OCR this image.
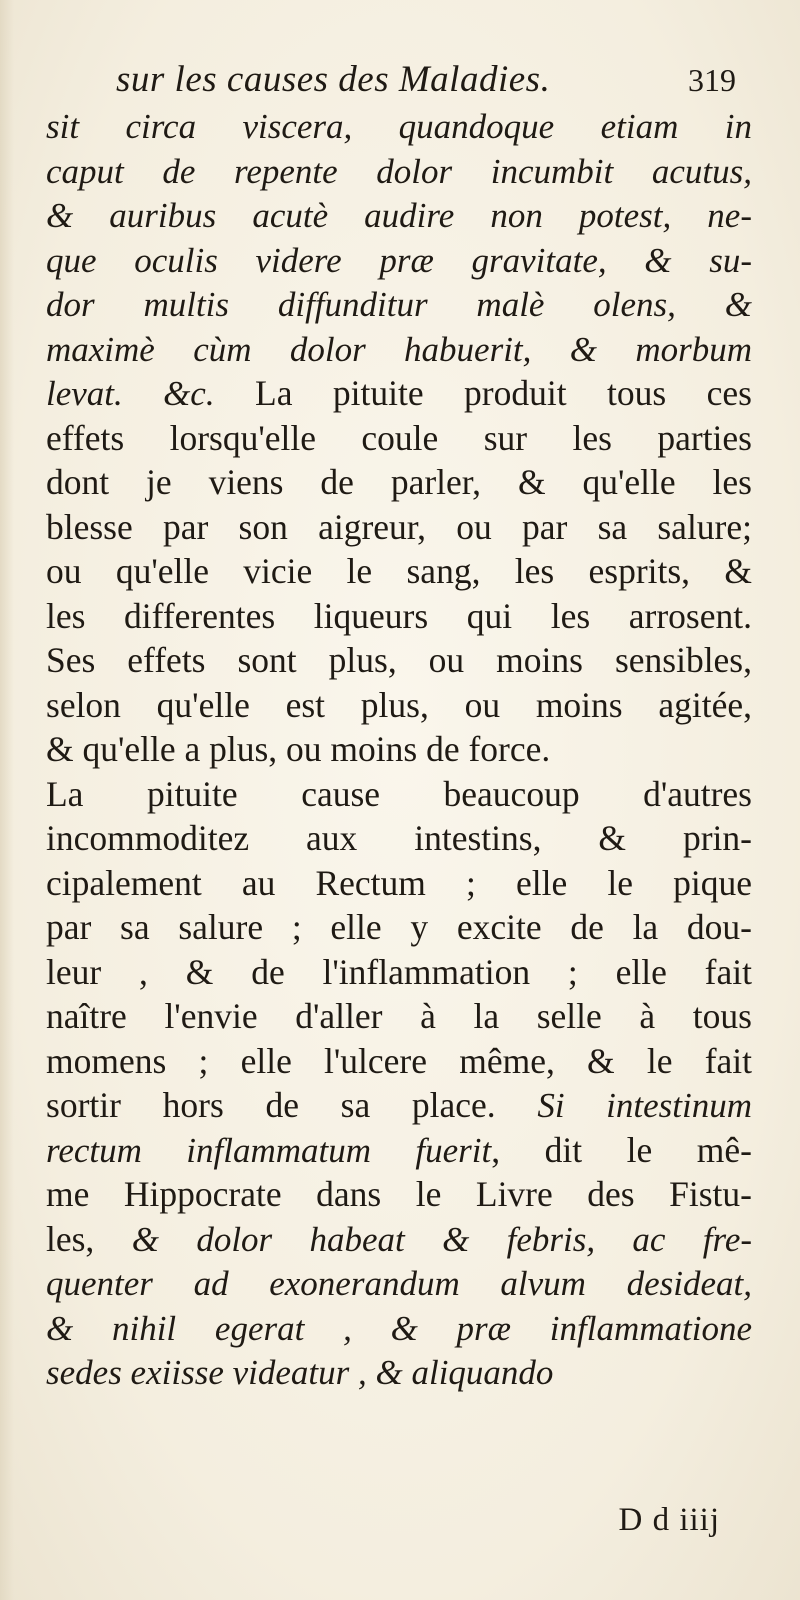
sur les causes des Maladies.	319
sit circa viscera, quandoque etiam in
caput de repente dolor incumbit acutus,
& auribus acutè audire non potest, ne-
que oculis videre præ gravitate, & su-
dor multis diffunditur malè olens, &
maximè cùm dolor habuerit, & morbum
levat. &c. La pituite produit tous ces
effets lorsqu'elle coule sur les parties
dont je viens de parler, & qu'elle les
blesse par son aigreur, ou par sa salure;
ou qu'elle vicie le sang, les esprits, &
les differentes liqueurs qui les arrosent.
Ses effets sont plus, ou moins sensibles,
selon qu'elle est plus, ou moins agitée,
& qu'elle a plus, ou moins de force.
La pituite cause beaucoup d'autres
incommoditez aux intestins, & prin-
cipalement au Rectum ; elle le pique
par sa salure ; elle y excite de la dou-
leur , & de l'inflammation ; elle fait
naître l'envie d'aller à la selle à tous
momens ; elle l'ulcere même, & le fait
sortir hors de sa place. Si intestinum
rectum inflammatum fuerit, dit le mê-
me Hippocrate dans le Livre des Fistu-
les, & dolor habeat & febris, ac fre-
quenter ad exonerandum alvum desideat,
& nihil egerat , & præ inflammatione
sedes exiisse videatur , & aliquando
D d iiij
